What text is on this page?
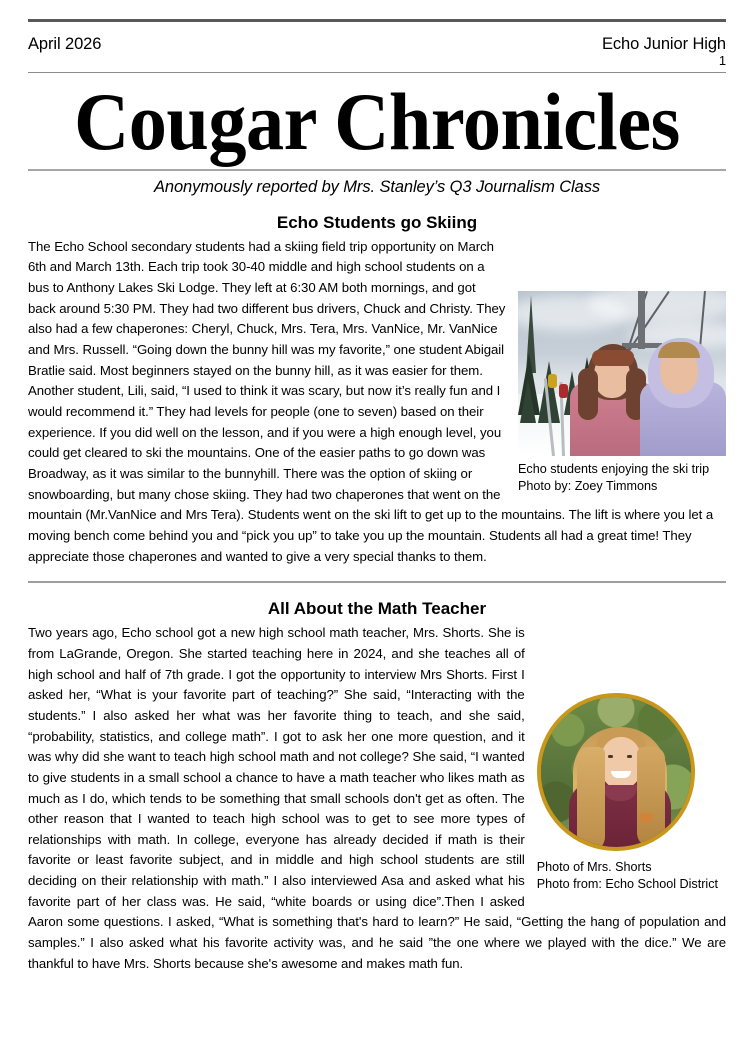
April 2026	Echo Junior High
1
Cougar Chronicles
Anonymously reported by Mrs. Stanley’s Q3 Journalism Class
Echo Students go Skiing
Echo students enjoying the ski trip
Photo by: Zoey Timmons

The Echo School secondary students had a skiing field trip opportunity on March 6th and March 13th. Each trip took 30-40 middle and high school students on a bus to Anthony Lakes Ski Lodge. They left at 6:30 AM both mornings, and got back around 5:30 PM. They had two different bus drivers, Chuck and Christy. They also had a few chaperones: Cheryl, Chuck, Mrs. Tera, Mrs. VanNice, Mr. VanNice and Mrs. Russell. “Going down the bunny hill was my favorite,” one student Abigail Bratlie said. Most beginners stayed on the bunny hill, as it was easier for them. Another student, Lili, said, “I used to think it was scary, but now it’s really fun and I would recommend it.” They had levels for people (one to seven) based on their experience. If you did well on the lesson, and if you were a high enough level, you could get cleared to ski the mountains. One of the easier paths to go down was Broadway, as it was similar to the bunnyhill. There was the option of skiing or snowboarding, but many chose skiing. They had two chaperones that went on the mountain (Mr.VanNice and Mrs Tera). Students went on the ski lift to get up to the mountains. The lift is where you let a moving bench come behind you and “pick you up” to take you up the mountain. Students all had a great time! They appreciate those chaperones and wanted to give a very special thanks to them.

All About the Math Teacher
Photo of Mrs. Shorts
Photo from: Echo School District

Two years ago, Echo school got a new high school math teacher, Mrs. Shorts. She is from LaGrande, Oregon. She started teaching here in 2024, and she teaches all of high school and half of 7th grade. I got the opportunity to interview Mrs Shorts. First I asked her, “What is your favorite part of teaching?” She said, “Interacting with the students.” I also asked her what was her favorite thing to teach, and she said, “probability, statistics, and college math”. I got to ask her one more question, and it was why did she want to teach high school math and not college? She said, “I wanted to give students in a small school a chance to have a math teacher who likes math as much as I do, which tends to be something that small schools don't get as often. The other reason that I wanted to teach high school was to get to see more types of relationships with math. In college, everyone has already decided if math is their favorite or least favorite subject, and in middle and high school students are still deciding on their relationship with math.” I also interviewed Asa and asked what his favorite part of her class was. He said, “white boards or using dice”.Then I asked Aaron some questions. I asked, “What is something that's hard to learn?” He said, “Getting the hang of population and samples.” I also asked what his favorite activity was, and he said ”the one where we played with the dice.” We are thankful to have Mrs. Shorts because she's awesome and makes math fun.
